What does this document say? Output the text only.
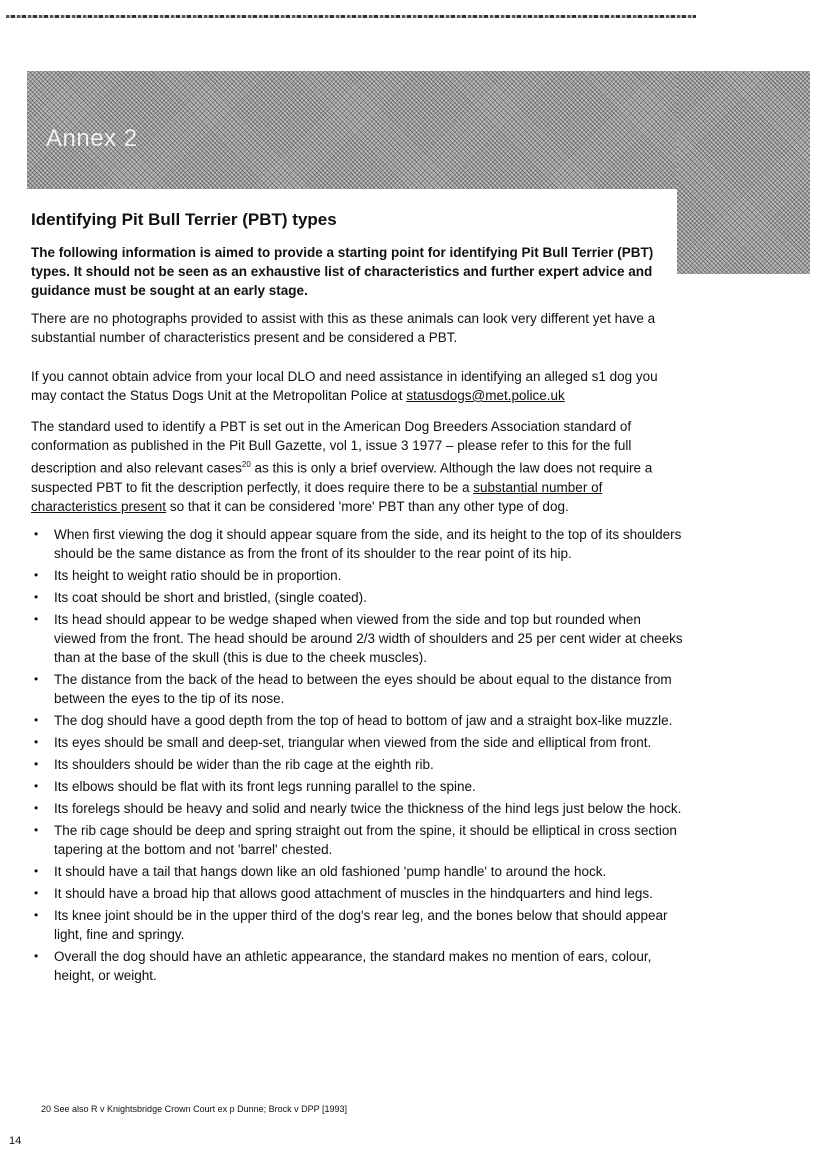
Annex 2
Identifying Pit Bull Terrier (PBT) types
The following information is aimed to provide a starting point for identifying Pit Bull Terrier (PBT) types. It should not be seen as an exhaustive list of characteristics and further expert advice and guidance must be sought at an early stage.
There are no photographs provided to assist with this as these animals can look very different yet have a substantial number of characteristics present and be considered a PBT.
If you cannot obtain advice from your local DLO and need assistance in identifying an alleged s1 dog you may contact the Status Dogs Unit at the Metropolitan Police at statusdogs@met.police.uk
The standard used to identify a PBT is set out in the American Dog Breeders Association standard of conformation as published in the Pit Bull Gazette, vol 1, issue 3 1977 – please refer to this for the full description and also relevant cases$^{20}$ as this is only a brief overview. Although the law does not require a suspected PBT to fit the description perfectly, it does require there to be a substantial number of characteristics present so that it can be considered 'more' PBT than any other type of dog.
• When first viewing the dog it should appear square from the side, and its height to the top of its shoulders should be the same distance as from the front of its shoulder to the rear point of its hip.
• Its height to weight ratio should be in proportion.
• Its coat should be short and bristled, (single coated).
• Its head should appear to be wedge shaped when viewed from the side and top but rounded when viewed from the front. The head should be around 2/3 width of shoulders and 25 per cent wider at cheeks than at the base of the skull (this is due to the cheek muscles).
• The distance from the back of the head to between the eyes should be about equal to the distance from between the eyes to the tip of its nose.
• The dog should have a good depth from the top of head to bottom of jaw and a straight box-like muzzle.
• Its eyes should be small and deep-set, triangular when viewed from the side and elliptical from front.
• Its shoulders should be wider than the rib cage at the eighth rib.
• Its elbows should be flat with its front legs running parallel to the spine.
• Its forelegs should be heavy and solid and nearly twice the thickness of the hind legs just below the hock.
• The rib cage should be deep and spring straight out from the spine, it should be elliptical in cross section tapering at the bottom and not 'barrel' chested.
• It should have a tail that hangs down like an old fashioned 'pump handle' to around the hock.
• It should have a broad hip that allows good attachment of muscles in the hindquarters and hind legs.
• Its knee joint should be in the upper third of the dog's rear leg, and the bones below that should appear light, fine and springy.
• Overall the dog should have an athletic appearance, the standard makes no mention of ears, colour, height, or weight.
20 See also R v Knightsbridge Crown Court ex p Dunne; Brock v DPP [1993]
14
